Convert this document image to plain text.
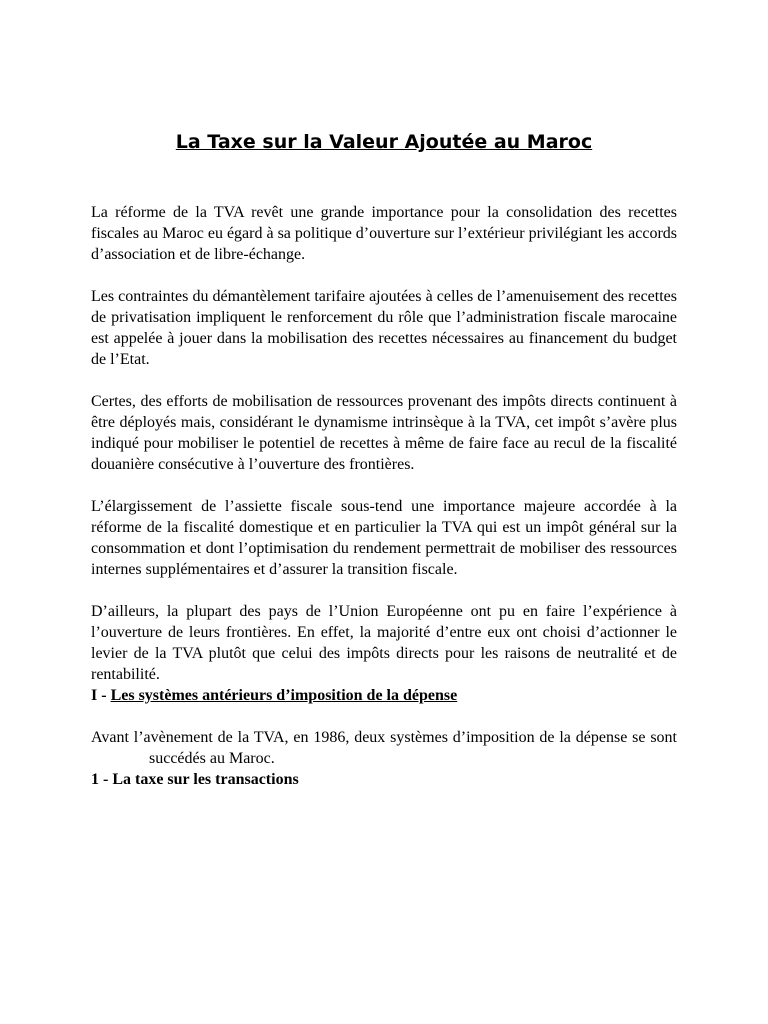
La Taxe sur la Valeur Ajoutée au Maroc

La réforme de la TVA revêt une grande importance pour la consolidation des recettes fiscales au Maroc eu égard à sa politique d’ouverture sur l’extérieur privilégiant les accords d’association et de libre-échange.

Les contraintes du démantèlement tarifaire ajoutées à celles de l’amenuisement des recettes de privatisation impliquent le renforcement du rôle que l’administration fiscale marocaine est appelée à jouer dans la mobilisation des recettes nécessaires au financement du budget de l’Etat.

Certes, des efforts de mobilisation de ressources provenant des impôts directs continuent à être déployés mais, considérant le dynamisme intrinsèque à la TVA, cet impôt s’avère plus indiqué pour mobiliser le potentiel de recettes à même de faire face au recul de la fiscalité douanière consécutive à l’ouverture des frontières.

L’élargissement de l’assiette fiscale sous-tend une importance majeure accordée à la réforme de la fiscalité domestique et en particulier la TVA qui est un impôt général sur la consommation et dont l’optimisation du rendement permettrait de mobiliser des ressources internes supplémentaires et d’assurer la transition fiscale.

D’ailleurs, la plupart des pays de l’Union Européenne ont pu en faire l’expérience à l’ouverture de leurs frontières. En effet, la majorité d’entre eux ont choisi d’actionner le levier de la TVA plutôt que celui des impôts directs pour les raisons de neutralité et de rentabilité.

I - Les systèmes antérieurs d’imposition de la dépense

Avant l’avènement de la TVA, en 1986, deux systèmes d’imposition de la dépense se sont succédés au Maroc.

1 - La taxe sur les transactions
